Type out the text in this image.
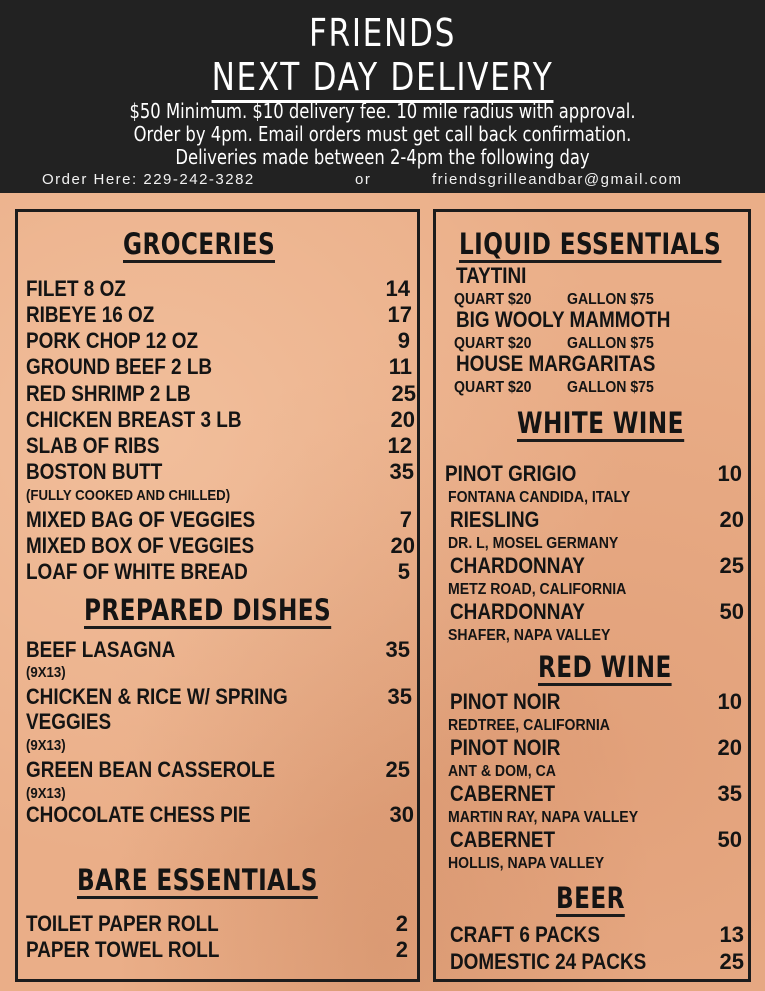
FRIENDS
NEXT DAY DELIVERY
$50 Minimum. $10 delivery fee. 10 mile radius with approval.
Order by 4pm. Email orders must get call back confirmation.
Deliveries made between 2-4pm the following day
Order Here: 229-242-3282	or	friendsgrilleandbar@gmail.com
GROCERIES
FILET 8 OZ	14
RIBEYE 16 OZ	17
PORK CHOP 12 OZ	9
GROUND BEEF 2 LB	11
RED SHRIMP 2 LB	25
CHICKEN BREAST 3 LB	20
SLAB OF RIBS	12
BOSTON BUTT	35
(FULLY COOKED AND CHILLED)
MIXED BAG OF VEGGIES	7
MIXED BOX OF VEGGIES	20
LOAF OF WHITE BREAD	5
PREPARED DISHES
BEEF LASAGNA	35
(9X13)
CHICKEN & RICE W/ SPRING	35
VEGGIES
(9X13)
GREEN BEAN CASSEROLE	25
(9X13)
CHOCOLATE CHESS PIE	30
BARE ESSENTIALS
TOILET PAPER ROLL	2
PAPER TOWEL ROLL	2
LIQUID ESSENTIALS
TAYTINI
QUART $20 GALLON $75
BIG WOOLY MAMMOTH
QUART $20 GALLON $75
HOUSE MARGARITAS
QUART $20 GALLON $75
WHITE WINE
PINOT GRIGIO	10
FONTANA CANDIDA, ITALY
RIESLING	20
DR. L, MOSEL GERMANY
CHARDONNAY	25
METZ ROAD, CALIFORNIA
CHARDONNAY	50
SHAFER, NAPA VALLEY
RED WINE
PINOT NOIR	10
REDTREE, CALIFORNIA
PINOT NOIR	20
ANT & DOM, CA
CABERNET	35
MARTIN RAY, NAPA VALLEY
CABERNET	50
HOLLIS, NAPA VALLEY
BEER
CRAFT 6 PACKS	13
DOMESTIC 24 PACKS	25
